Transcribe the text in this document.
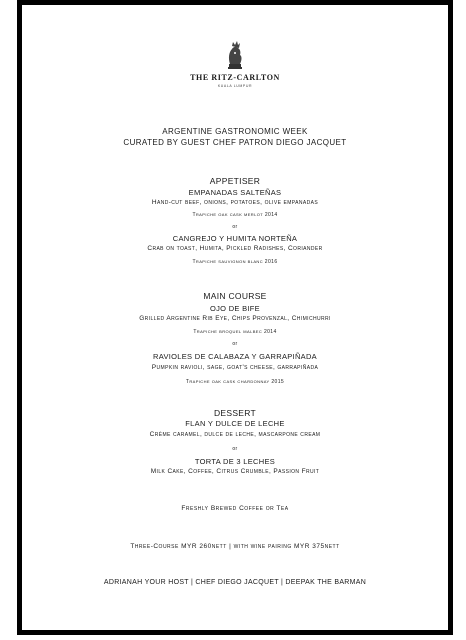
THE RITZ-CARLTON
KUALA LUMPUR
ARGENTINE GASTRONOMIC WEEK
CURATED BY GUEST CHEF PATRON DIEGO JACQUET
APPETISER
EMPANADAS SALTEÑAS
Hand-cut beef, onions, potatoes, olive empanadas
Trapiche oak cask merlot 2014
or
CANGREJO Y HUMITA NORTEÑA
Crab on toast, Humita, Pickled Radishes, Coriander
Trapiche sauvignon blanc 2016
MAIN COURSE
OJO DE BIFE
Grilled Argentine Rib Eye, Chips Provenzal, Chimichurri
Trapiche broquel malbec 2014
or
RAVIOLES DE CALABAZA Y GARRAPIÑADA
Pumpkin ravioli, sage, goat's cheese, garrapiñada
Trapiche oak cask chardonnay 2015
DESSERT
FLAN Y DULCE DE LECHE
Crème caramel, dulce de leche, mascarpone cream
or
TORTA DE 3 LECHES
Milk Cake, Coffee, Citrus Crumble, Passion Fruit
Freshly Brewed Coffee or Tea
Three-Course MYR 260nett | with wine pairing MYR 375nett
ADRIANAH YOUR HOST | CHEF DIEGO JACQUET | DEEPAK THE BARMAN
